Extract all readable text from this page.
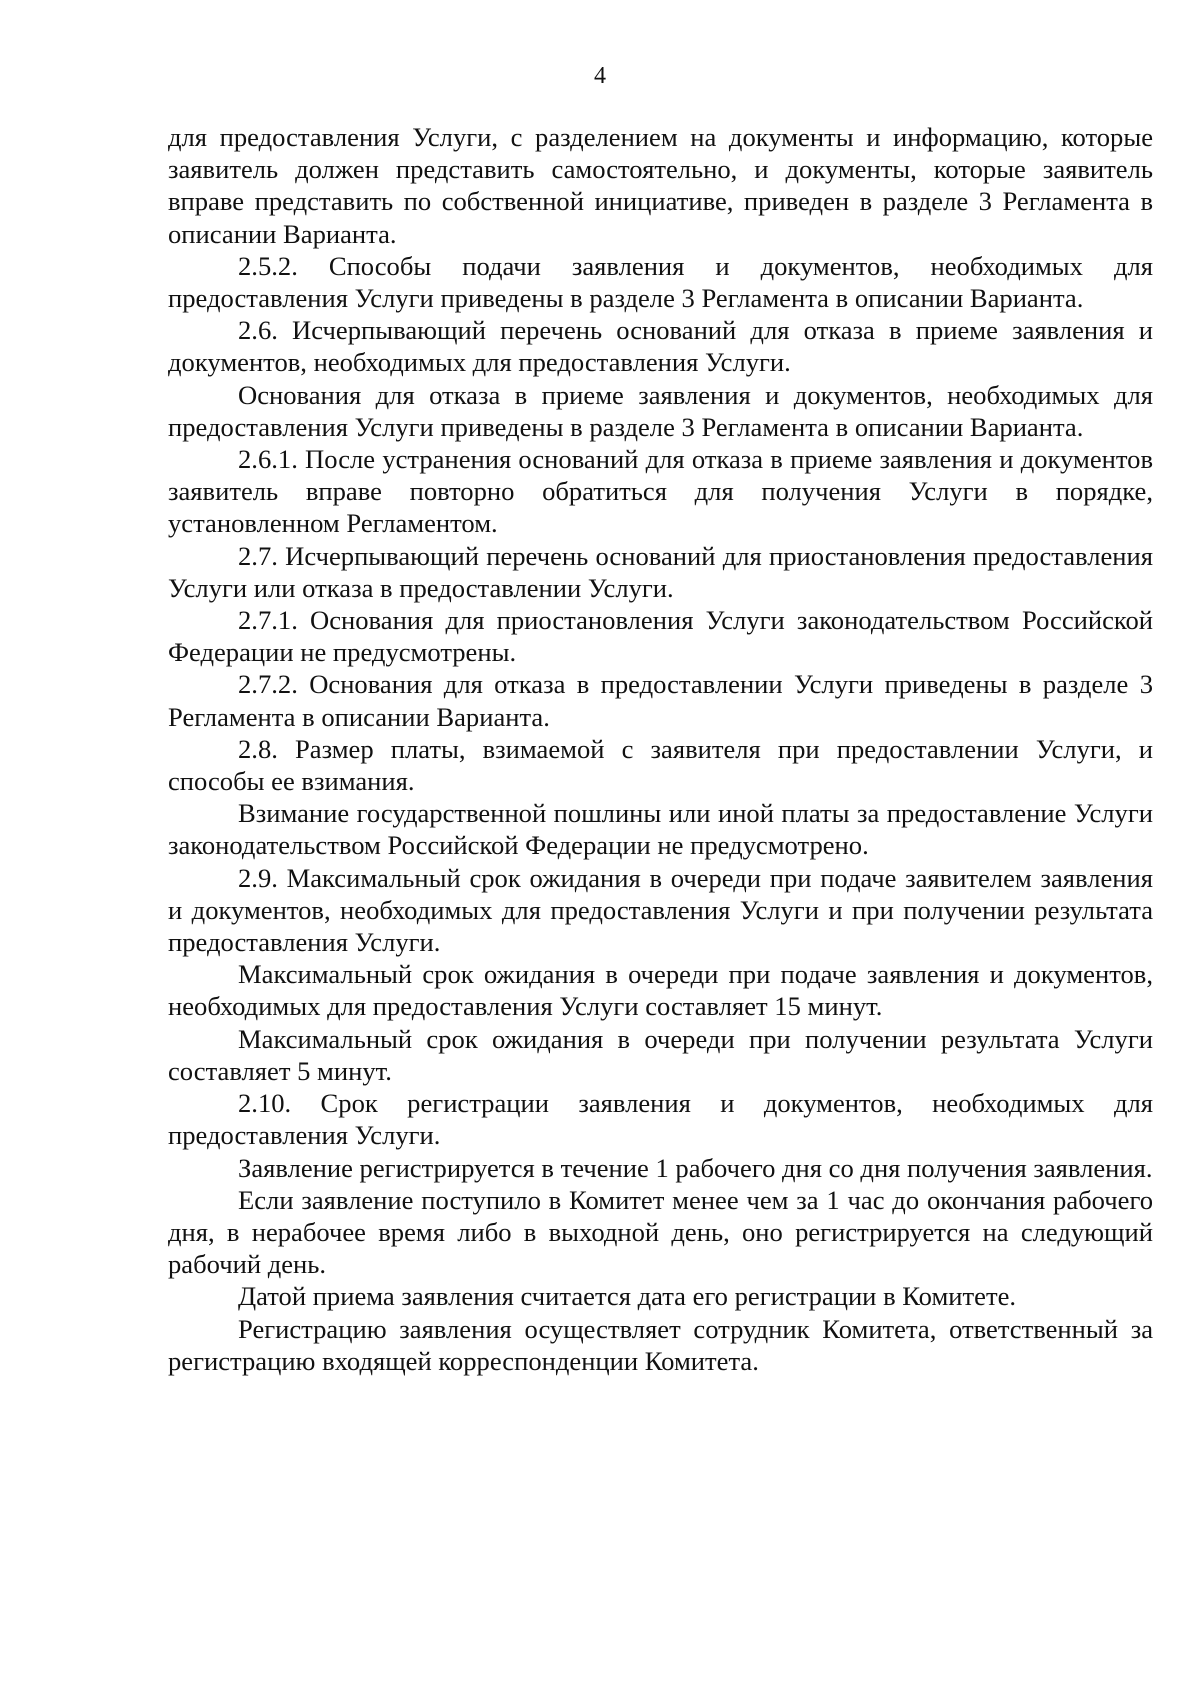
4

для предоставления Услуги, с разделением на документы и информацию, которые заявитель должен представить самостоятельно, и документы, которые заявитель вправе представить по собственной инициативе, приведен в разделе 3 Регламента в описании Варианта.

2.5.2. Способы подачи заявления и документов, необходимых для предоставления Услуги приведены в разделе 3 Регламента в описании Варианта.

2.6. Исчерпывающий перечень оснований для отказа в приеме заявления и документов, необходимых для предоставления Услуги.

Основания для отказа в приеме заявления и документов, необходимых для предоставления Услуги приведены в разделе 3 Регламента в описании Варианта.

2.6.1. После устранения оснований для отказа в приеме заявления и документов заявитель вправе повторно обратиться для получения Услуги в порядке, установленном Регламентом.

2.7. Исчерпывающий перечень оснований для приостановления предоставления Услуги или отказа в предоставлении Услуги.

2.7.1. Основания для приостановления Услуги законодательством Российской Федерации не предусмотрены.

2.7.2. Основания для отказа в предоставлении Услуги приведены в разделе 3 Регламента в описании Варианта.

2.8. Размер платы, взимаемой с заявителя при предоставлении Услуги, и способы ее взимания.

Взимание государственной пошлины или иной платы за предоставление Услуги законодательством Российской Федерации не предусмотрено.

2.9. Максимальный срок ожидания в очереди при подаче заявителем заявления и документов, необходимых для предоставления Услуги и при получении результата предоставления Услуги.

Максимальный срок ожидания в очереди при подаче заявления и документов, необходимых для предоставления Услуги составляет 15 минут.

Максимальный срок ожидания в очереди при получении результата Услуги составляет 5 минут.

2.10. Срок регистрации заявления и документов, необходимых для предоставления Услуги.

Заявление регистрируется в течение 1 рабочего дня со дня получения заявления.

Если заявление поступило в Комитет менее чем за 1 час до окончания рабочего дня, в нерабочее время либо в выходной день, оно регистрируется на следующий рабочий день.

Датой приема заявления считается дата его регистрации в Комитете.

Регистрацию заявления осуществляет сотрудник Комитета, ответственный за регистрацию входящей корреспонденции Комитета.
